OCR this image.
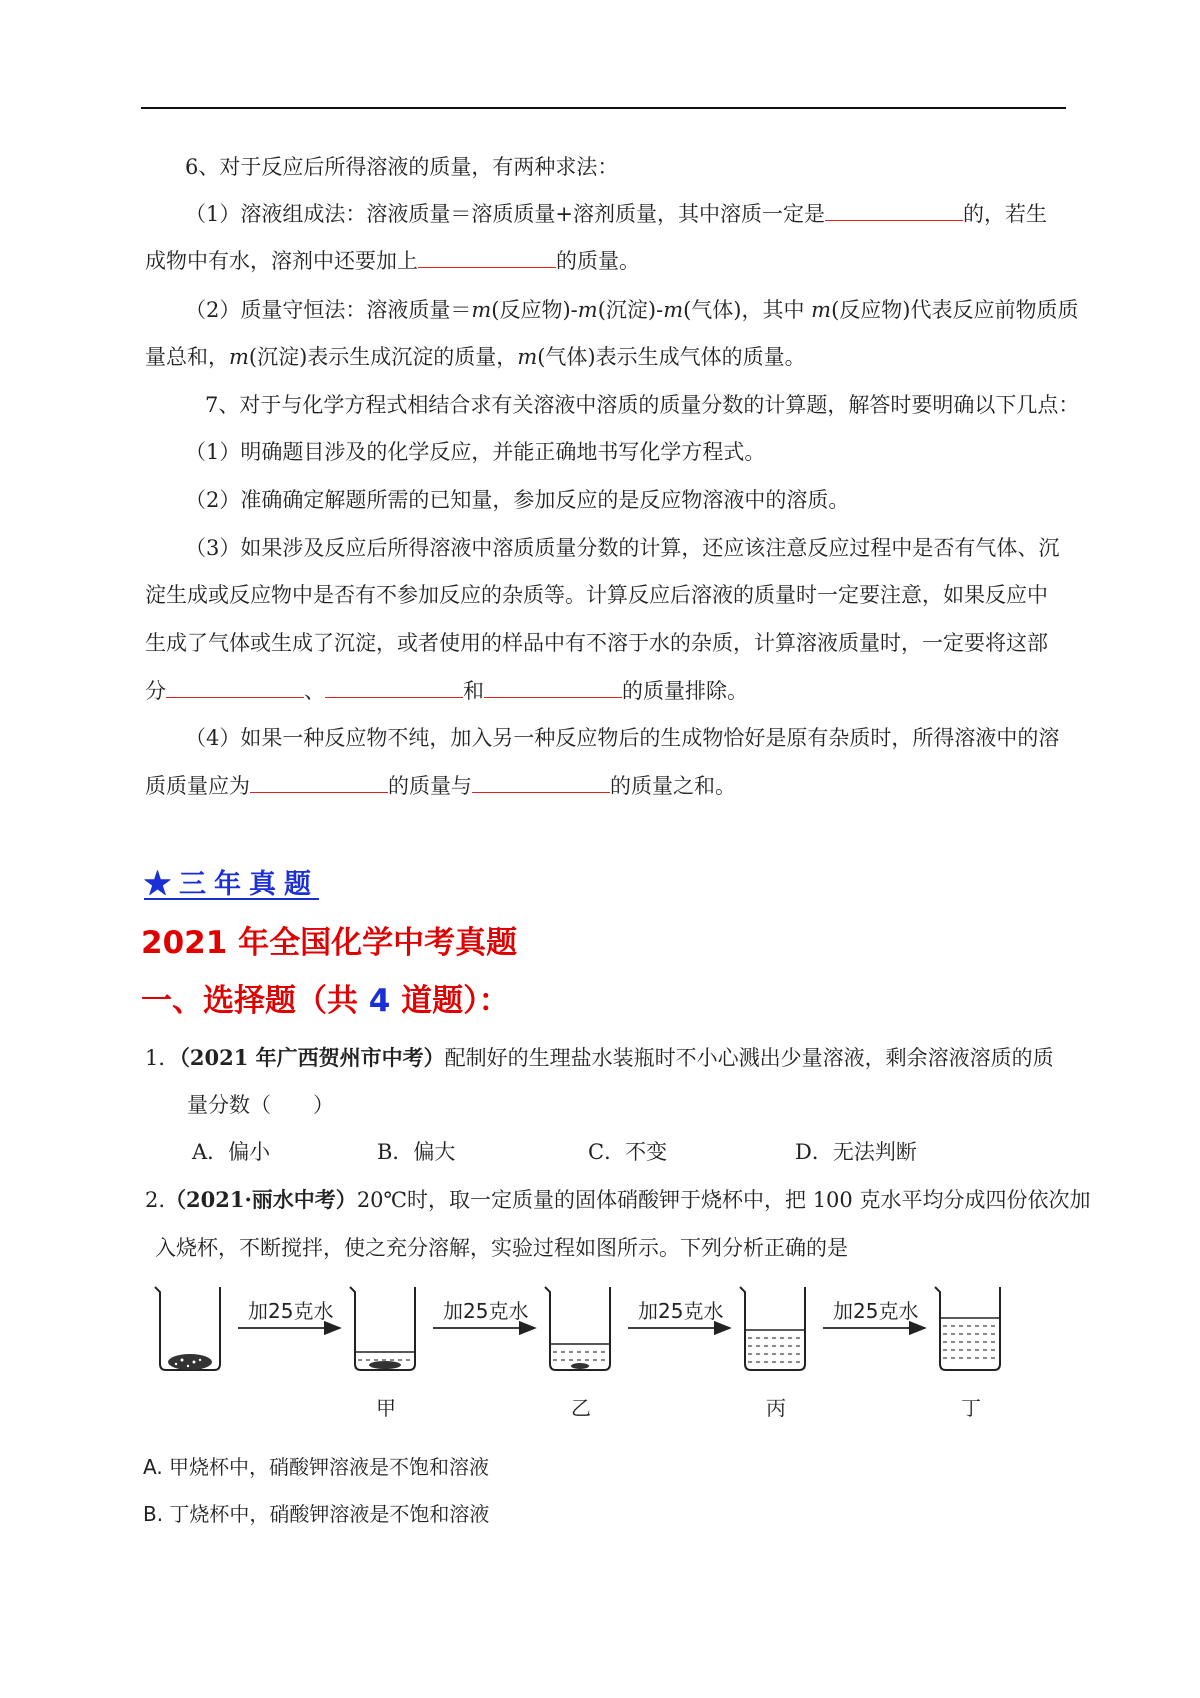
6、对于反应后所得溶液的质量，有两种求法：
（1）溶液组成法：溶液质量＝溶质质量+溶剂质量，其中溶质一定是	的，若生
成物中有水，溶剂中还要加上	的质量。
（2）质量守恒法：溶液质量＝m(反应物)-m(沉淀)-m(气体)，其中 m(反应物)代表反应前物质质
量总和，m(沉淀)表示生成沉淀的质量，m(气体)表示生成气体的质量。
7、对于与化学方程式相结合求有关溶液中溶质的质量分数的计算题，解答时要明确以下几点：
（1）明确题目涉及的化学反应，并能正确地书写化学方程式。
（2）准确确定解题所需的已知量，参加反应的是反应物溶液中的溶质。
（3）如果涉及反应后所得溶液中溶质质量分数的计算，还应该注意反应过程中是否有气体、沉
淀生成或反应物中是否有不参加反应的杂质等。计算反应后溶液的质量时一定要注意，如果反应中
生成了气体或生成了沉淀，或者使用的样品中有不溶于水的杂质，计算溶液质量时，一定要将这部
分	、	和	的质量排除。
（4）如果一种反应物不纯，加入另一种反应物后的生成物恰好是原有杂质时，所得溶液中的溶
质质量应为	的质量与	的质量之和。
★三年真题
2021 年全国化学中考真题
一、选择题（共 4 道题）：
1．（2021 年广西贺州市中考）配制好的生理盐水装瓶时不小心溅出少量溶液，剩余溶液溶质的质
量分数（　　）
A．偏小	B．偏大	C．不变	D．无法判断
2.（2021·丽水中考）20℃时，取一定质量的固体硝酸钾于烧杯中，把 100 克水平均分成四份依次加
入烧杯，不断搅拌，使之充分溶解，实验过程如图所示。下列分析正确的是
加25克水	加25克水	加25克水	加25克水
甲	乙	丙	丁
A. 甲烧杯中，硝酸钾溶液是不饱和溶液
B. 丁烧杯中，硝酸钾溶液是不饱和溶液
